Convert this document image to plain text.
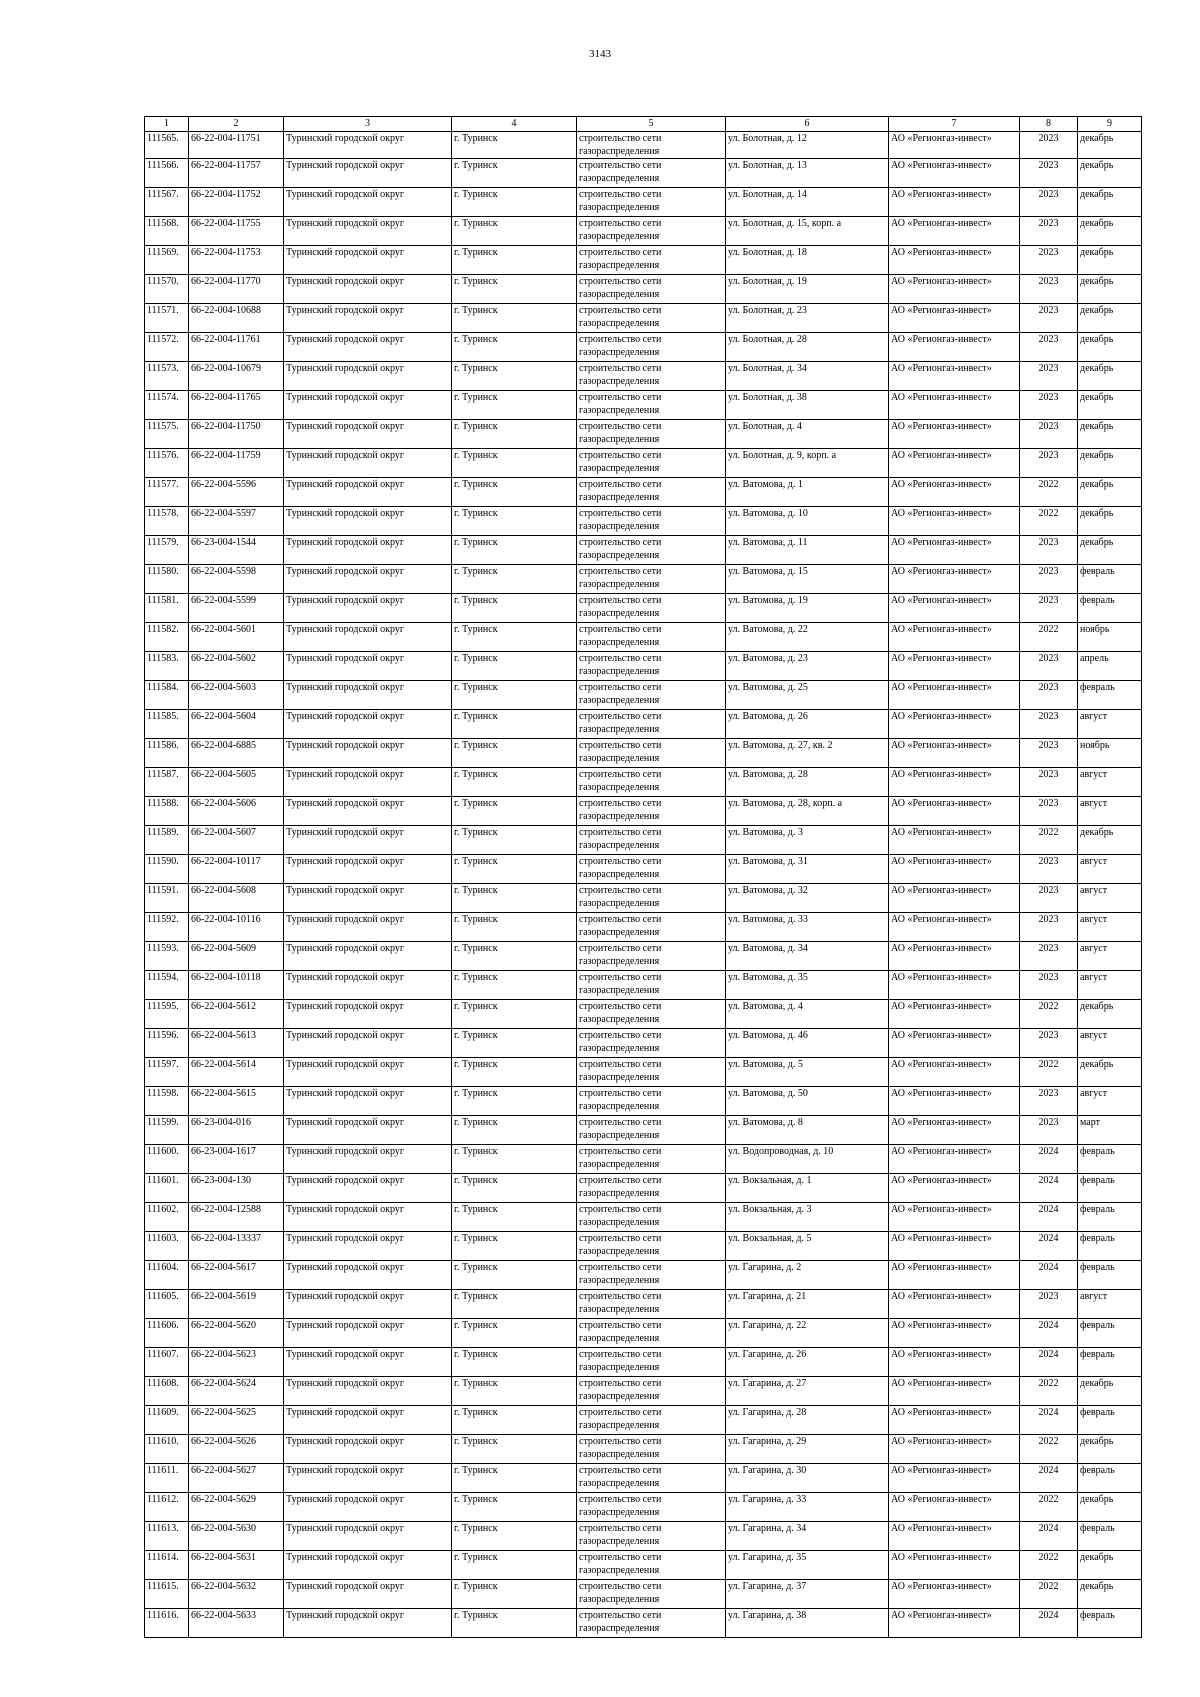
3143
1	2	3	4	5	6	7	8	9
111565.	66-22-004-11751	Туринский городской округ	г. Туринск	строительство сети газораспределения	ул. Болотная, д. 12	АО «Регионгаз-инвест»	2023	декабрь
111566.	66-22-004-11757	Туринский городской округ	г. Туринск	строительство сети газораспределения	ул. Болотная, д. 13	АО «Регионгаз-инвест»	2023	декабрь
111567.	66-22-004-11752	Туринский городской округ	г. Туринск	строительство сети газораспределения	ул. Болотная, д. 14	АО «Регионгаз-инвест»	2023	декабрь
111568.	66-22-004-11755	Туринский городской округ	г. Туринск	строительство сети газораспределения	ул. Болотная, д. 15, корп. а	АО «Регионгаз-инвест»	2023	декабрь
111569.	66-22-004-11753	Туринский городской округ	г. Туринск	строительство сети газораспределения	ул. Болотная, д. 18	АО «Регионгаз-инвест»	2023	декабрь
111570.	66-22-004-11770	Туринский городской округ	г. Туринск	строительство сети газораспределения	ул. Болотная, д. 19	АО «Регионгаз-инвест»	2023	декабрь
111571.	66-22-004-10688	Туринский городской округ	г. Туринск	строительство сети газораспределения	ул. Болотная, д. 23	АО «Регионгаз-инвест»	2023	декабрь
111572.	66-22-004-11761	Туринский городской округ	г. Туринск	строительство сети газораспределения	ул. Болотная, д. 28	АО «Регионгаз-инвест»	2023	декабрь
111573.	66-22-004-10679	Туринский городской округ	г. Туринск	строительство сети газораспределения	ул. Болотная, д. 34	АО «Регионгаз-инвест»	2023	декабрь
111574.	66-22-004-11765	Туринский городской округ	г. Туринск	строительство сети газораспределения	ул. Болотная, д. 38	АО «Регионгаз-инвест»	2023	декабрь
111575.	66-22-004-11750	Туринский городской округ	г. Туринск	строительство сети газораспределения	ул. Болотная, д. 4	АО «Регионгаз-инвест»	2023	декабрь
111576.	66-22-004-11759	Туринский городской округ	г. Туринск	строительство сети газораспределения	ул. Болотная, д. 9, корп. а	АО «Регионгаз-инвест»	2023	декабрь
111577.	66-22-004-5596	Туринский городской округ	г. Туринск	строительство сети газораспределения	ул. Ватомова, д. 1	АО «Регионгаз-инвест»	2022	декабрь
111578.	66-22-004-5597	Туринский городской округ	г. Туринск	строительство сети газораспределения	ул. Ватомова, д. 10	АО «Регионгаз-инвест»	2022	декабрь
111579.	66-23-004-1544	Туринский городской округ	г. Туринск	строительство сети газораспределения	ул. Ватомова, д. 11	АО «Регионгаз-инвест»	2023	декабрь
111580.	66-22-004-5598	Туринский городской округ	г. Туринск	строительство сети газораспределения	ул. Ватомова, д. 15	АО «Регионгаз-инвест»	2023	февраль
111581.	66-22-004-5599	Туринский городской округ	г. Туринск	строительство сети газораспределения	ул. Ватомова, д. 19	АО «Регионгаз-инвест»	2023	февраль
111582.	66-22-004-5601	Туринский городской округ	г. Туринск	строительство сети газораспределения	ул. Ватомова, д. 22	АО «Регионгаз-инвест»	2022	ноябрь
111583.	66-22-004-5602	Туринский городской округ	г. Туринск	строительство сети газораспределения	ул. Ватомова, д. 23	АО «Регионгаз-инвест»	2023	апрель
111584.	66-22-004-5603	Туринский городской округ	г. Туринск	строительство сети газораспределения	ул. Ватомова, д. 25	АО «Регионгаз-инвест»	2023	февраль
111585.	66-22-004-5604	Туринский городской округ	г. Туринск	строительство сети газораспределения	ул. Ватомова, д. 26	АО «Регионгаз-инвест»	2023	август
111586.	66-22-004-6885	Туринский городской округ	г. Туринск	строительство сети газораспределения	ул. Ватомова, д. 27, кв. 2	АО «Регионгаз-инвест»	2023	ноябрь
111587.	66-22-004-5605	Туринский городской округ	г. Туринск	строительство сети газораспределения	ул. Ватомова, д. 28	АО «Регионгаз-инвест»	2023	август
111588.	66-22-004-5606	Туринский городской округ	г. Туринск	строительство сети газораспределения	ул. Ватомова, д. 28, корп. а	АО «Регионгаз-инвест»	2023	август
111589.	66-22-004-5607	Туринский городской округ	г. Туринск	строительство сети газораспределения	ул. Ватомова, д. 3	АО «Регионгаз-инвест»	2022	декабрь
111590.	66-22-004-10117	Туринский городской округ	г. Туринск	строительство сети газораспределения	ул. Ватомова, д. 31	АО «Регионгаз-инвест»	2023	август
111591.	66-22-004-5608	Туринский городской округ	г. Туринск	строительство сети газораспределения	ул. Ватомова, д. 32	АО «Регионгаз-инвест»	2023	август
111592.	66-22-004-10116	Туринский городской округ	г. Туринск	строительство сети газораспределения	ул. Ватомова, д. 33	АО «Регионгаз-инвест»	2023	август
111593.	66-22-004-5609	Туринский городской округ	г. Туринск	строительство сети газораспределения	ул. Ватомова, д. 34	АО «Регионгаз-инвест»	2023	август
111594.	66-22-004-10118	Туринский городской округ	г. Туринск	строительство сети газораспределения	ул. Ватомова, д. 35	АО «Регионгаз-инвест»	2023	август
111595.	66-22-004-5612	Туринский городской округ	г. Туринск	строительство сети газораспределения	ул. Ватомова, д. 4	АО «Регионгаз-инвест»	2022	декабрь
111596.	66-22-004-5613	Туринский городской округ	г. Туринск	строительство сети газораспределения	ул. Ватомова, д. 46	АО «Регионгаз-инвест»	2023	август
111597.	66-22-004-5614	Туринский городской округ	г. Туринск	строительство сети газораспределения	ул. Ватомова, д. 5	АО «Регионгаз-инвест»	2022	декабрь
111598.	66-22-004-5615	Туринский городской округ	г. Туринск	строительство сети газораспределения	ул. Ватомова, д. 50	АО «Регионгаз-инвест»	2023	август
111599.	66-23-004-016	Туринский городской округ	г. Туринск	строительство сети газораспределения	ул. Ватомова, д. 8	АО «Регионгаз-инвест»	2023	март
111600.	66-23-004-1617	Туринский городской округ	г. Туринск	строительство сети газораспределения	ул. Водопроводная, д. 10	АО «Регионгаз-инвест»	2024	февраль
111601.	66-23-004-130	Туринский городской округ	г. Туринск	строительство сети газораспределения	ул. Вокзальная, д. 1	АО «Регионгаз-инвест»	2024	февраль
111602.	66-22-004-12588	Туринский городской округ	г. Туринск	строительство сети газораспределения	ул. Вокзальная, д. 3	АО «Регионгаз-инвест»	2024	февраль
111603.	66-22-004-13337	Туринский городской округ	г. Туринск	строительство сети газораспределения	ул. Вокзальная, д. 5	АО «Регионгаз-инвест»	2024	февраль
111604.	66-22-004-5617	Туринский городской округ	г. Туринск	строительство сети газораспределения	ул. Гагарина, д. 2	АО «Регионгаз-инвест»	2024	февраль
111605.	66-22-004-5619	Туринский городской округ	г. Туринск	строительство сети газораспределения	ул. Гагарина, д. 21	АО «Регионгаз-инвест»	2023	август
111606.	66-22-004-5620	Туринский городской округ	г. Туринск	строительство сети газораспределения	ул. Гагарина, д. 22	АО «Регионгаз-инвест»	2024	февраль
111607.	66-22-004-5623	Туринский городской округ	г. Туринск	строительство сети газораспределения	ул. Гагарина, д. 26	АО «Регионгаз-инвест»	2024	февраль
111608.	66-22-004-5624	Туринский городской округ	г. Туринск	строительство сети газораспределения	ул. Гагарина, д. 27	АО «Регионгаз-инвест»	2022	декабрь
111609.	66-22-004-5625	Туринский городской округ	г. Туринск	строительство сети газораспределения	ул. Гагарина, д. 28	АО «Регионгаз-инвест»	2024	февраль
111610.	66-22-004-5626	Туринский городской округ	г. Туринск	строительство сети газораспределения	ул. Гагарина, д. 29	АО «Регионгаз-инвест»	2022	декабрь
111611.	66-22-004-5627	Туринский городской округ	г. Туринск	строительство сети газораспределения	ул. Гагарина, д. 30	АО «Регионгаз-инвест»	2024	февраль
111612.	66-22-004-5629	Туринский городской округ	г. Туринск	строительство сети газораспределения	ул. Гагарина, д. 33	АО «Регионгаз-инвест»	2022	декабрь
111613.	66-22-004-5630	Туринский городской округ	г. Туринск	строительство сети газораспределения	ул. Гагарина, д. 34	АО «Регионгаз-инвест»	2024	февраль
111614.	66-22-004-5631	Туринский городской округ	г. Туринск	строительство сети газораспределения	ул. Гагарина, д. 35	АО «Регионгаз-инвест»	2022	декабрь
111615.	66-22-004-5632	Туринский городской округ	г. Туринск	строительство сети газораспределения	ул. Гагарина, д. 37	АО «Регионгаз-инвест»	2022	декабрь
111616.	66-22-004-5633	Туринский городской округ	г. Туринск	строительство сети газораспределения	ул. Гагарина, д. 38	АО «Регионгаз-инвест»	2024	февраль
